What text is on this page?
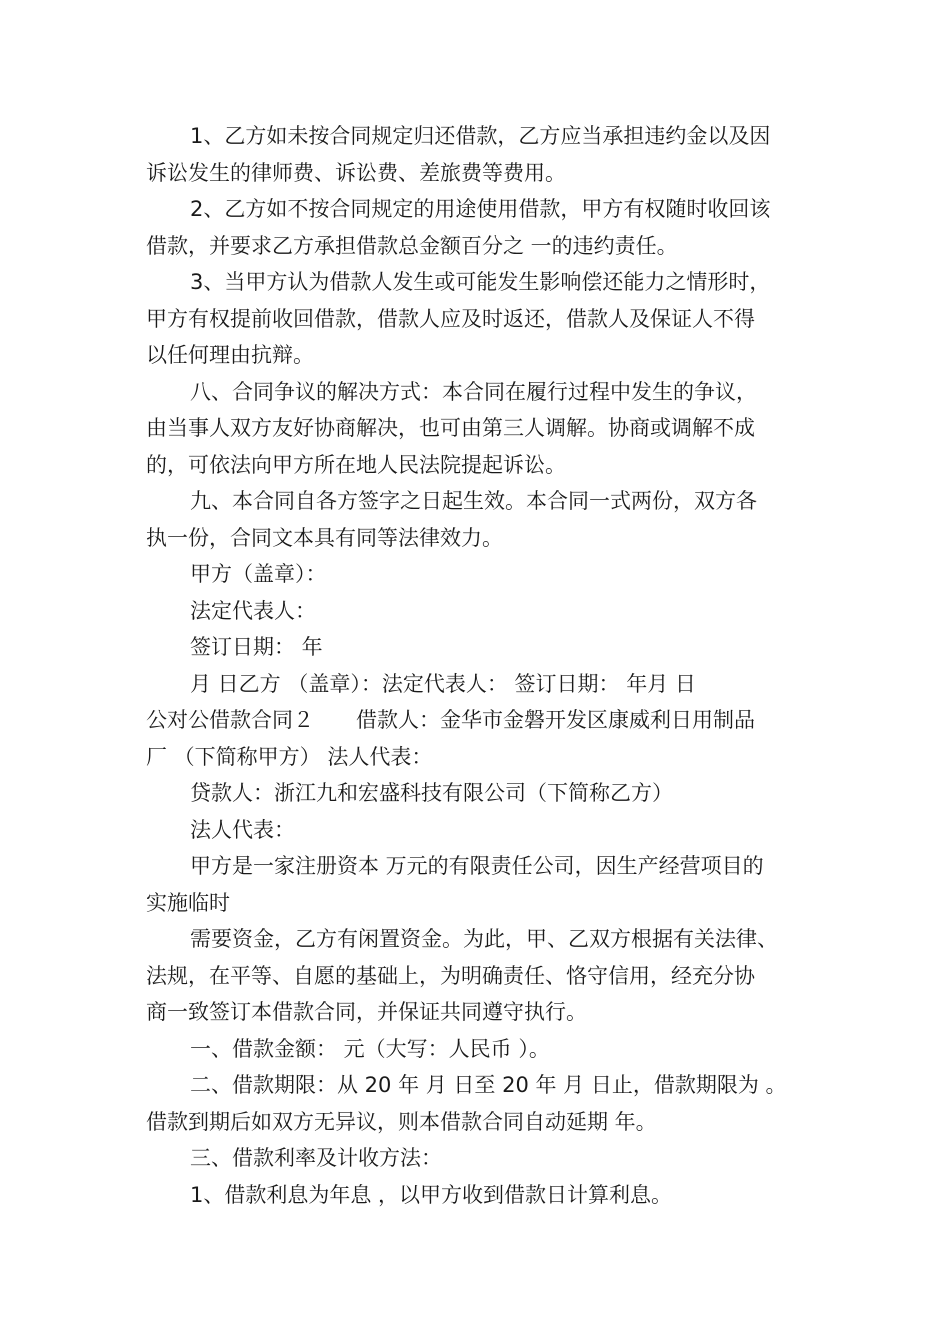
1、乙方如未按合同规定归还借款，乙方应当承担违约金以及因
诉讼发生的律师费、诉讼费、差旅费等费用。

2、乙方如不按合同规定的用途使用借款，甲方有权随时收回该
借款，并要求乙方承担借款总金额百分之 一的违约责任。

3、当甲方认为借款人发生或可能发生影响偿还能力之情形时，
甲方有权提前收回借款，借款人应及时返还，借款人及保证人不得
以任何理由抗辩。

八、合同争议的解决方式：本合同在履行过程中发生的争议，
由当事人双方友好协商解决，也可由第三人调解。协商或调解不成
的，可依法向甲方所在地人民法院提起诉讼。

九、本合同自各方签字之日起生效。本合同一式两份，双方各
执一份，合同文本具有同等法律效力。

甲方（盖章）：

法定代表人：

签订日期： 年

月 日乙方 （盖章）：法定代表人： 签订日期： 年月 日

公对公借款合同２　　借款人：金华市金磐开发区康威利日用制品
厂 （下简称甲方） 法人代表：

贷款人：浙江九和宏盛科技有限公司（下简称乙方）

法人代表：

甲方是一家注册资本 万元的有限责任公司，因生产经营项目的
实施临时

需要资金，乙方有闲置资金。为此，甲、乙双方根据有关法律、
法规，在平等、自愿的基础上，为明确责任、恪守信用，经充分协
商一致签订本借款合同，并保证共同遵守执行。

一、借款金额： 元（大写：人民币 ）。

二、借款期限：从 20 年 月 日至 20 年 月 日止，借款期限为 。
借款到期后如双方无异议，则本借款合同自动延期 年。

三、借款利率及计收方法：

1、借款利息为年息 ，以甲方收到借款日计算利息。
